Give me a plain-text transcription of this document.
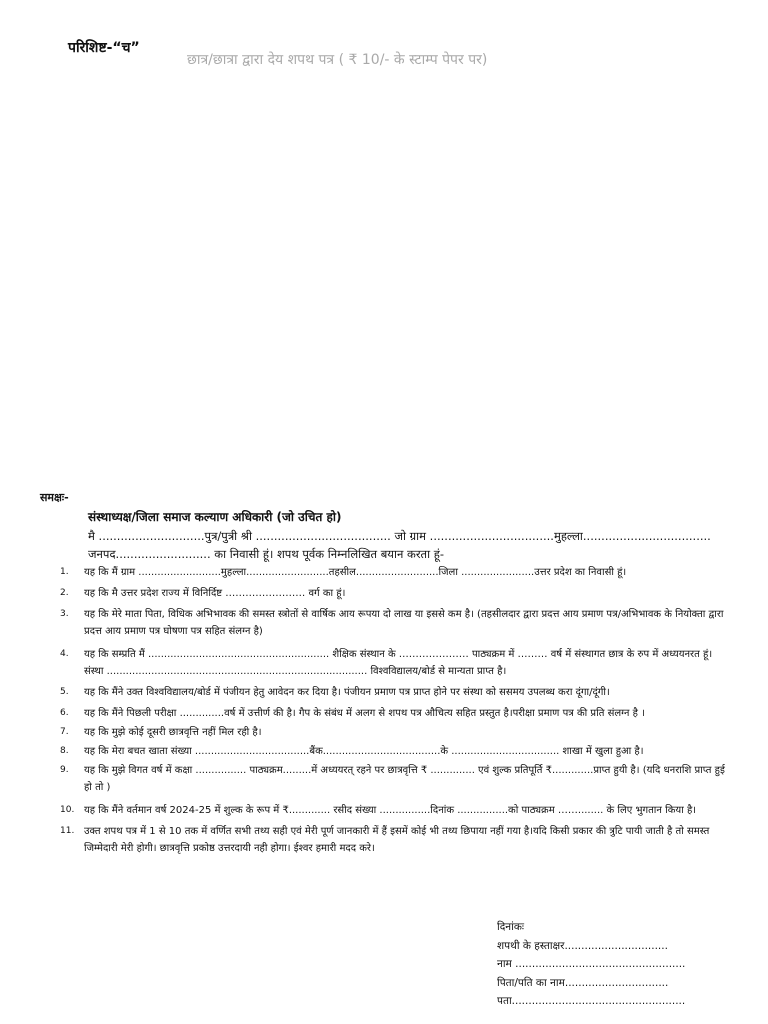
परिशिष्ट-“च”
छात्र/छात्रा द्वारा देय शपथ पत्र ( ₹ 10/- के स्टाम्प पेपर पर)
समक्षः-
संस्थाध्यक्ष/जिला समाज कल्याण अधिकारी (जो उचित हो)
मै .............................पुत्र/पुत्री श्री ..................................... जो ग्राम ..................................मुहल्ला...................................
जनपद.......................... का निवासी हूं। शपथ पूर्वक निम्नलिखित बयान करता हूं-
1.	यह कि मैं ग्राम ..........................मुहल्ला..........................तहसील..........................जिला .......................उत्तर प्रदेश का निवासी हूं।
2.	यह कि मै उत्तर प्रदेश राज्य में विनिर्दिष्ट …………………… वर्ग का हूं।
3.	यह कि मेरे माता पिता, विधिक अभिभावक की समस्त स्त्रोतों से वार्षिक आय रूपया दो लाख या इससे कम है। (तहसीलदार द्वारा प्रदत्त आय प्रमाण पत्र/अभिभावक के नियोक्ता द्वारा प्रदत्त आय प्रमाण पत्र घोषणा पत्र सहित संलग्न है)
4.	यह कि सम्प्रति मैं ......................................................... शैक्षिक संस्थान के ………………… पाठ्यक्रम में ……… वर्ष में संस्थागत छात्र के रुप में अध्ययनरत हूं। संस्था .................................................................................. विश्वविद्यालय/बोर्ड से मान्यता प्राप्त है।
5.	यह कि मैंने उक्त विश्वविद्यालय/बोर्ड में पंजीयन हेतु आवेदन कर दिया है। पंजीयन प्रमाण पत्र प्राप्त होने पर संस्था को ससमय उपलब्ध करा दूंगा/दूंगी।
6.	यह कि मैंने पिछली परीक्षा ..............वर्ष में उत्तीर्ण की है। गैप के संबंध में अलग से शपथ पत्र औचित्य सहित प्रस्तुत है।परीक्षा प्रमाण पत्र की प्रति संलग्न है ।
7.	यह कि मुझे कोई दूसरी छात्रवृत्ति नहीं मिल रही है।
8.	यह कि मेरा बचत खाता संख्या ....................................बैंक.....................................के .................................. शाखा में खुला हुआ है।
9.	यह कि मुझे विगत वर्ष में कक्षा ................ पाठ्यक्रम.........में अध्ययरत् रहने पर छात्रवृत्ति ₹ .............. एवं शुल्क प्रतिपूर्ति ₹.............प्राप्त हुयी है। (यदि धनराशि प्राप्त हुई हो तो )
10. यह कि मैंने वर्तमान वर्ष 2024-25 में शुल्क के रूप में ₹............. रसीद संख्या ................दिनांक ................को पाठ्यक्रम ……........ के लिए भुगतान किया है।
11. उक्त शपथ पत्र में 1 से 10 तक में वर्णित सभी तथ्य सही एवं मेरी पूर्ण जानकारी में हैं इसमें कोई भी तथ्य छिपाया नहीं गया है।यदि किसी प्रकार की त्रुटि पायी जाती है तो समस्त जिम्मेदारी मेरी होगी। छात्रवृत्ति प्रकोष्ठ उत्तरदायी नही होगा। ईश्वर हमारी मदद करे।
दिनांकः
शपथी के हस्ताक्षर...............................
नाम ...................................................
पिता/पति का नाम...............................
पता....................................................
